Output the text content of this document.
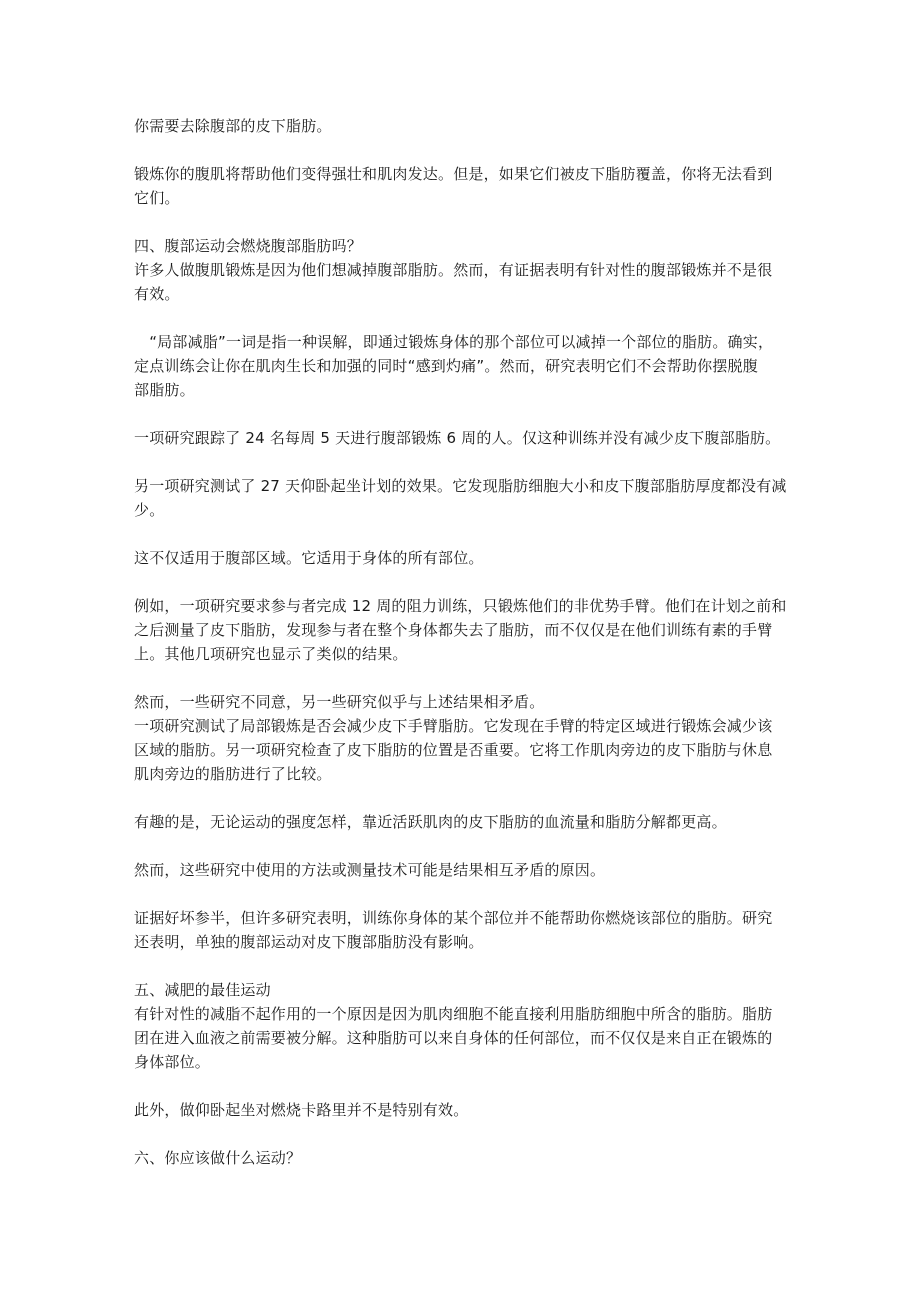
你需要去除腹部的皮下脂肪。
锻炼你的腹肌将帮助他们变得强壮和肌肉发达。但是，如果它们被皮下脂肪覆盖，你将无法看到
它们。
四、腹部运动会燃烧腹部脂肪吗？
许多人做腹肌锻炼是因为他们想减掉腹部脂肪。然而，有证据表明有针对性的腹部锻炼并不是很
有效。
　“局部减脂”一词是指一种误解，即通过锻炼身体的那个部位可以减掉一个部位的脂肪。确实，
定点训练会让你在肌肉生长和加强的同时“感到灼痛”。然而，研究表明它们不会帮助你摆脱腹
部脂肪。
一项研究跟踪了 24 名每周 5 天进行腹部锻炼 6 周的人。仅这种训练并没有减少皮下腹部脂肪。
另一项研究测试了 27 天仰卧起坐计划的效果。它发现脂肪细胞大小和皮下腹部脂肪厚度都没有减
少。
这不仅适用于腹部区域。它适用于身体的所有部位。
例如，一项研究要求参与者完成 12 周的阻力训练，只锻炼他们的非优势手臂。他们在计划之前和
之后测量了皮下脂肪，发现参与者在整个身体都失去了脂肪，而不仅仅是在他们训练有素的手臂
上。其他几项研究也显示了类似的结果。
然而，一些研究不同意，另一些研究似乎与上述结果相矛盾。
一项研究测试了局部锻炼是否会减少皮下手臂脂肪。它发现在手臂的特定区域进行锻炼会减少该
区域的脂肪。另一项研究检查了皮下脂肪的位置是否重要。它将工作肌肉旁边的皮下脂肪与休息
肌肉旁边的脂肪进行了比较。
有趣的是，无论运动的强度怎样，靠近活跃肌肉的皮下脂肪的血流量和脂肪分解都更高。
然而，这些研究中使用的方法或测量技术可能是结果相互矛盾的原因。
证据好坏参半，但许多研究表明，训练你身体的某个部位并不能帮助你燃烧该部位的脂肪。研究
还表明，单独的腹部运动对皮下腹部脂肪没有影响。
五、减肥的最佳运动
有针对性的减脂不起作用的一个原因是因为肌肉细胞不能直接利用脂肪细胞中所含的脂肪。脂肪
团在进入血液之前需要被分解。这种脂肪可以来自身体的任何部位，而不仅仅是来自正在锻炼的
身体部位。
此外，做仰卧起坐对燃烧卡路里并不是特别有效。
六、你应该做什么运动？
